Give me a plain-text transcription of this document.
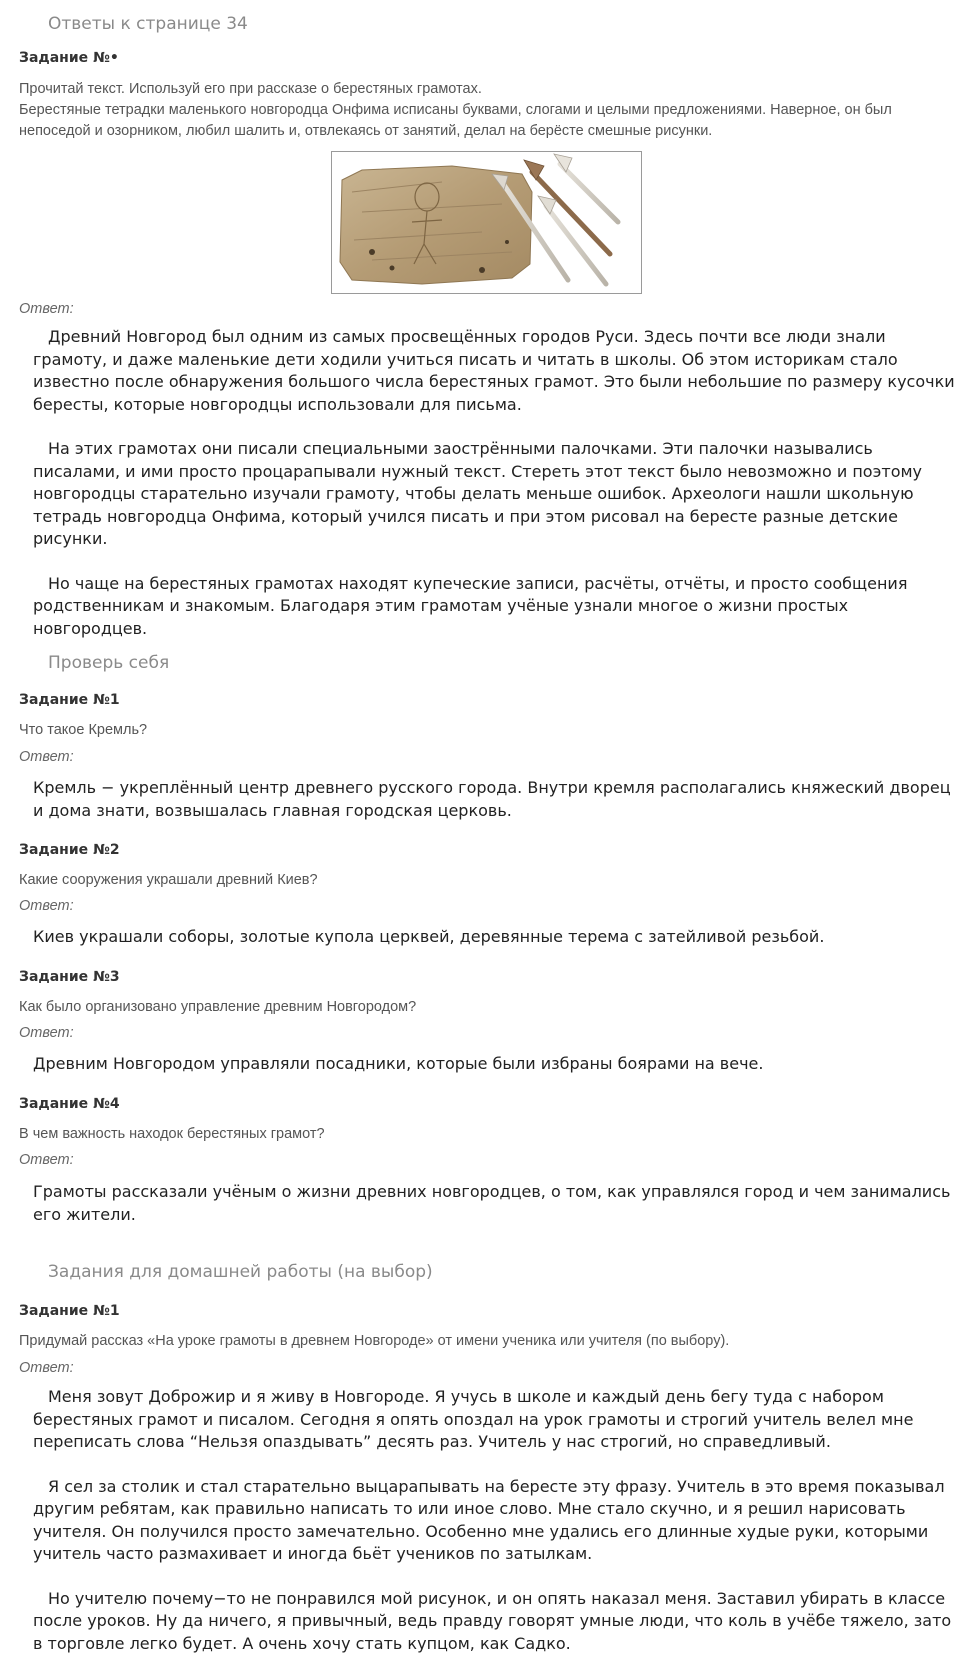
Ответы к странице 34
Задание №•
Прочитай текст. Используй его при рассказе о берестяных грамотах.
Берестяные тетрадки маленького новгородца Онфима исписаны буквами, слогами и целыми предложениями. Наверное, он был непоседой и озорником, любил шалить и, отвлекаясь от занятий, делал на берёсте смешные рисунки.
Ответ:

Древний Новгород был одним из самых просвещённых городов Руси. Здесь почти все люди знали грамоту, и даже маленькие дети ходили учиться писать и читать в школы. Об этом историкам стало известно после обнаружения большого числа берестяных грамот. Это были небольшие по размеру кусочки бересты, которые новгородцы использовали для письма.

На этих грамотах они писали специальными заострёнными палочками. Эти палочки назывались писалами, и ими просто процарапывали нужный текст. Стереть этот текст было невозможно и поэтому новгородцы старательно изучали грамоту, чтобы делать меньше ошибок. Археологи нашли школьную тетрадь новгородца Онфима, который учился писать и при этом рисовал на бересте разные детские рисунки.

Но чаще на берестяных грамотах находят купеческие записи, расчёты, отчёты, и просто сообщения родственникам и знакомым. Благодаря этим грамотам учёные узнали многое о жизни простых новгородцев.

Проверь себя
Задание №1
Что такое Кремль?
Ответ:
Кремль − укреплённый центр древнего русского города. Внутри кремля располагались княжеский дворец и дома знати, возвышалась главная городская церковь.
Задание №2
Какие сооружения украшали древний Киев?
Ответ:
Киев украшали соборы, золотые купола церквей, деревянные терема с затейливой резьбой.
Задание №3
Как было организовано управление древним Новгородом?
Ответ:
Древним Новгородом управляли посадники, которые были избраны боярами на вече.
Задание №4
В чем важность находок берестяных грамот?
Ответ:
Грамоты рассказали учёным о жизни древних новгородцев, о том, как управлялся город и чем занимались его жители.
Задания для домашней работы (на выбор)
Задание №1
Придумай рассказ «На уроке грамоты в древнем Новгороде» от имени ученика или учителя (по выбору).
Ответ:

Меня зовут Доброжир и я живу в Новгороде. Я учусь в школе и каждый день бегу туда с набором берестяных грамот и писалом. Сегодня я опять опоздал на урок грамоты и строгий учитель велел мне переписать слова “Нельзя опаздывать” десять раз. Учитель у нас строгий, но справедливый.

Я сел за столик и стал старательно выцарапывать на бересте эту фразу. Учитель в это время показывал другим ребятам, как правильно написать то или иное слово. Мне стало скучно, и я решил нарисовать учителя. Он получился просто замечательно. Особенно мне удались его длинные худые руки, которыми учитель часто размахивает и иногда бьёт учеников по затылкам.

Но учителю почему−то не понравился мой рисунок, и он опять наказал меня. Заставил убирать в классе после уроков. Ну да ничего, я привычный, ведь правду говорят умные люди, что коль в учёбе тяжело, зато в торговле легко будет. А очень хочу стать купцом, как Садко.
